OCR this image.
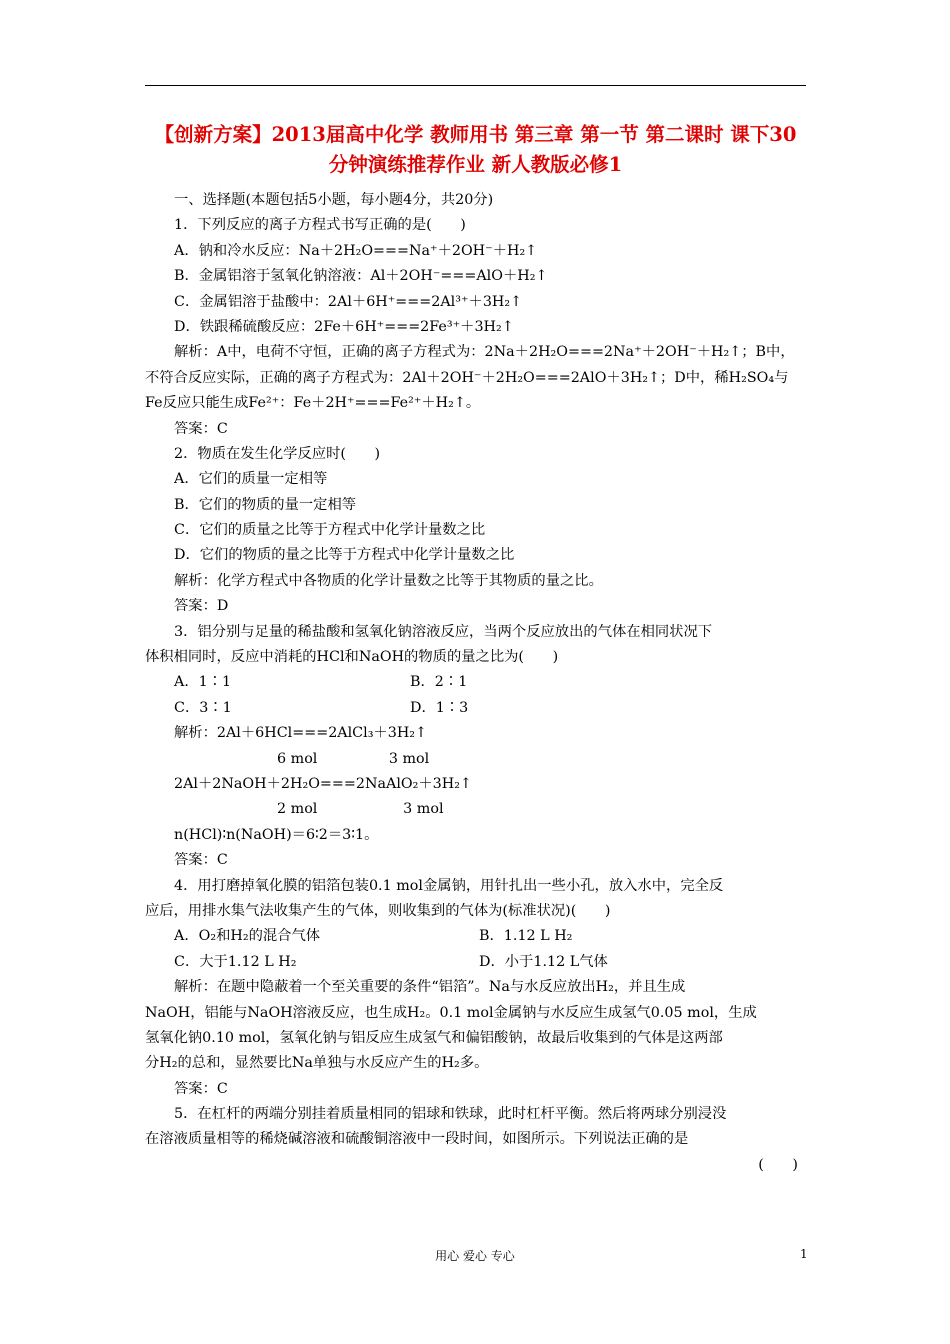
【创新方案】2013届高中化学 教师用书 第三章 第一节 第二课时 课下30分钟演练推荐作业 新人教版必修1
一、选择题(本题包括5小题，每小题4分，共20分)
1．下列反应的离子方程式书写正确的是(　　)
A．钠和冷水反应：Na＋2H₂O===Na⁺＋2OH⁻＋H₂↑
B．金属铝溶于氢氧化钠溶液：Al＋2OH⁻===AlO＋H₂↑
C．金属铝溶于盐酸中：2Al＋6H⁺===2Al³⁺＋3H₂↑
D．铁跟稀硫酸反应：2Fe＋6H⁺===2Fe³⁺＋3H₂↑
解析：A中，电荷不守恒，正确的离子方程式为：2Na＋2H₂O===2Na⁺＋2OH⁻＋H₂↑；B中，
不符合反应实际，正确的离子方程式为：2Al＋2OH⁻＋2H₂O===2AlO＋3H₂↑；D中，稀H₂SO₄与
Fe反应只能生成Fe²⁺：Fe＋2H⁺===Fe²⁺＋H₂↑。
答案：C
2．物质在发生化学反应时(　　)
A．它们的质量一定相等
B．它们的物质的量一定相等
C．它们的质量之比等于方程式中化学计量数之比
D．它们的物质的量之比等于方程式中化学计量数之比
解析：化学方程式中各物质的化学计量数之比等于其物质的量之比。
答案：D
3．铝分别与足量的稀盐酸和氢氧化钠溶液反应，当两个反应放出的气体在相同状况下
体积相同时，反应中消耗的HCl和NaOH的物质的量之比为(　　)
A．1∶1	B．2∶1
C．3∶1	D．1∶3
解析：2Al＋6HCl===2AlCl₃＋3H₂↑
6 mol　　　　　3 mol
2Al＋2NaOH＋2H₂O===2NaAlO₂＋3H₂↑
2 mol　　　　　　3 mol
n(HCl)∶n(NaOH)＝6∶2＝3∶1。
答案：C
4．用打磨掉氧化膜的铝箔包装0.1 mol金属钠，用针扎出一些小孔，放入水中，完全反
应后，用排水集气法收集产生的气体，则收集到的气体为(标准状况)(　　)
A．O₂和H₂的混合气体	B．1.12 L H₂
C．大于1.12 L H₂	D．小于1.12 L气体
解析：在题中隐蔽着一个至关重要的条件“铝箔”。Na与水反应放出H₂，并且生成
NaOH，铝能与NaOH溶液反应，也生成H₂。0.1 mol金属钠与水反应生成氢气0.05 mol，生成
氢氧化钠0.10 mol，氢氧化钠与铝反应生成氢气和偏铝酸钠，故最后收集到的气体是这两部
分H₂的总和，显然要比Na单独与水反应产生的H₂多。
答案：C
5．在杠杆的两端分别挂着质量相同的铝球和铁球，此时杠杆平衡。然后将两球分别浸没
在溶液质量相等的稀烧碱溶液和硫酸铜溶液中一段时间，如图所示。下列说法正确的是
(　　)
用心 爱心 专心	1
